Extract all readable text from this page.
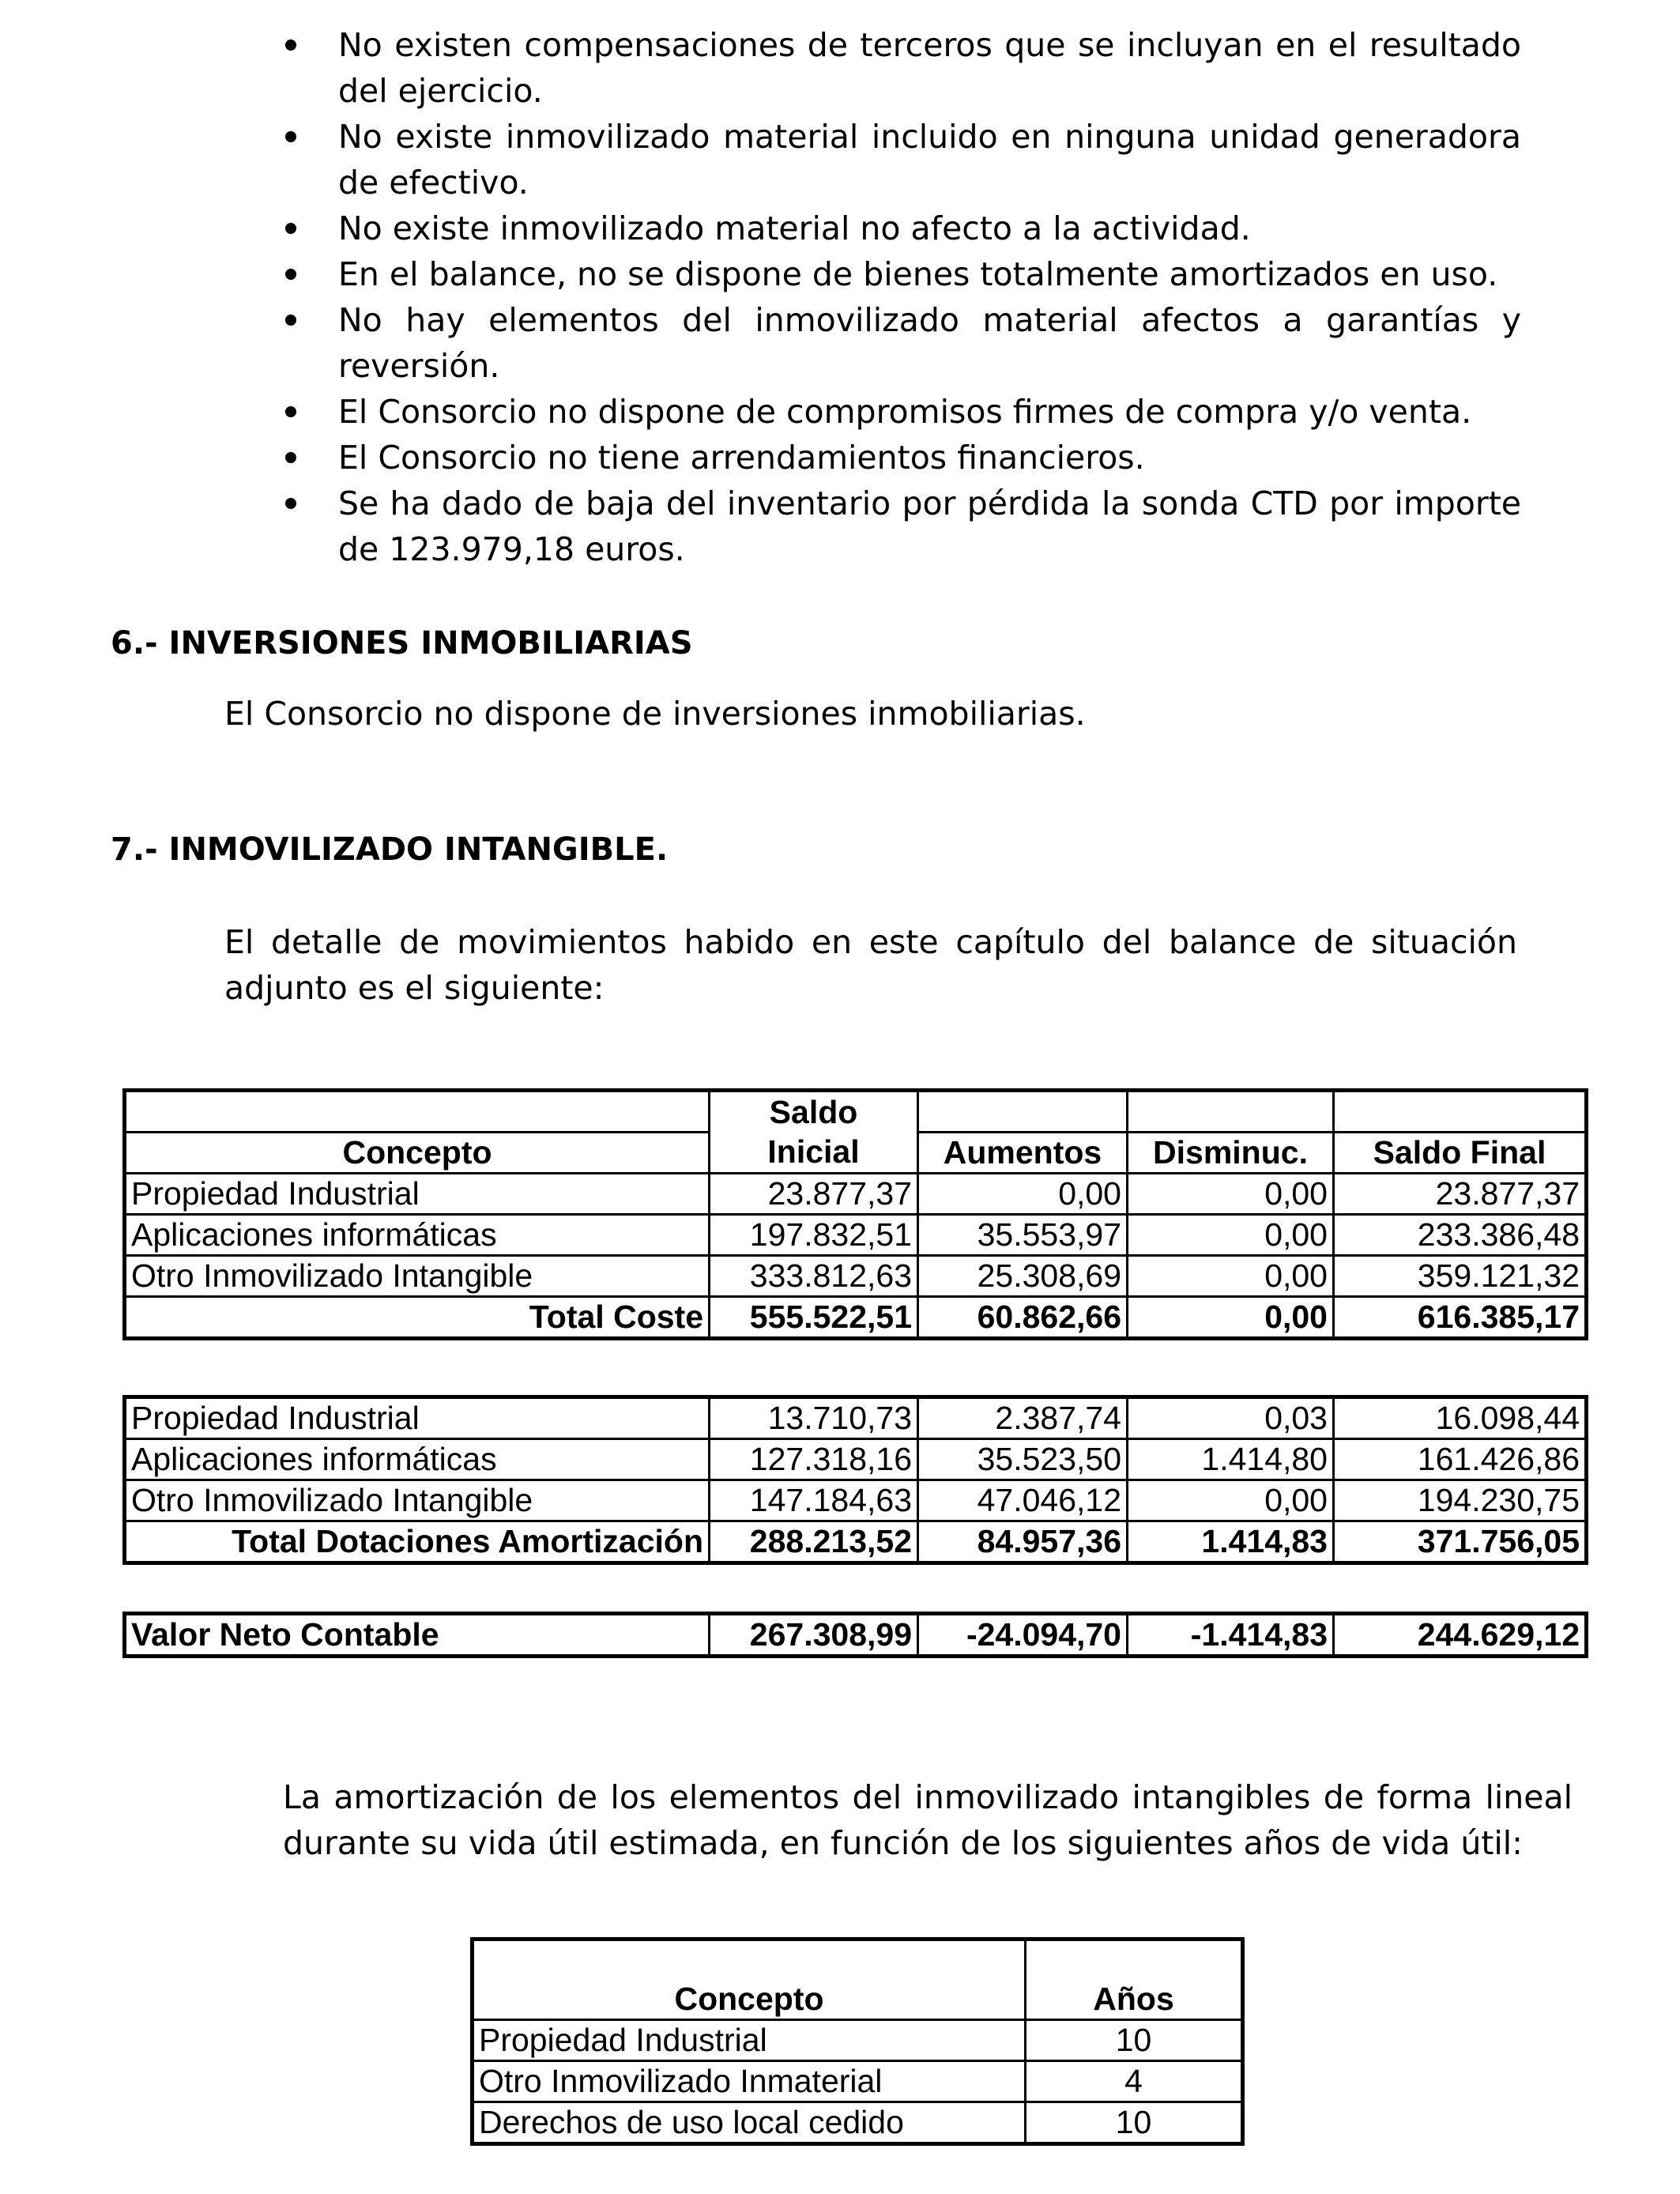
No existen compensaciones de terceros que se incluyan en el resultado del ejercicio.
No existe inmovilizado material incluido en ninguna unidad generadora de efectivo.
No existe inmovilizado material no afecto a la actividad.
En el balance, no se dispone de bienes totalmente amortizados en uso.
No hay elementos del inmovilizado material afectos a garantías y reversión.
El Consorcio no dispone de compromisos firmes de compra y/o venta.
El Consorcio no tiene arrendamientos financieros.
Se ha dado de baja del inventario por pérdida la sonda CTD por importe de 123.979,18 euros.
6.- INVERSIONES INMOBILIARIAS
El Consorcio no dispone de inversiones inmobiliarias.
7.- INMOVILIZADO INTANGIBLE.
El detalle de movimientos habido en este capítulo del balance de situación adjunto es el siguiente:
	Saldo			
Concepto	Inicial	Aumentos	Disminuc.	Saldo Final
Propiedad Industrial	23.877,37	0,00	0,00	23.877,37
Aplicaciones informáticas	197.832,51	35.553,97	0,00	233.386,48
Otro Inmovilizado Intangible	333.812,63	25.308,69	0,00	359.121,32
Total Coste	555.522,51	60.862,66	0,00	616.385,17
Propiedad Industrial	13.710,73	2.387,74	0,03	16.098,44
Aplicaciones informáticas	127.318,16	35.523,50	1.414,80	161.426,86
Otro Inmovilizado Intangible	147.184,63	47.046,12	0,00	194.230,75
Total Dotaciones Amortización	288.213,52	84.957,36	1.414,83	371.756,05
Valor Neto Contable	267.308,99	-24.094,70	-1.414,83	244.629,12
La amortización de los elementos del inmovilizado intangibles de forma lineal durante su vida útil estimada, en función de los siguientes años de vida útil:

Concepto	Años
Propiedad Industrial	10
Otro Inmovilizado Inmaterial	4
Derechos de uso local cedido	10
